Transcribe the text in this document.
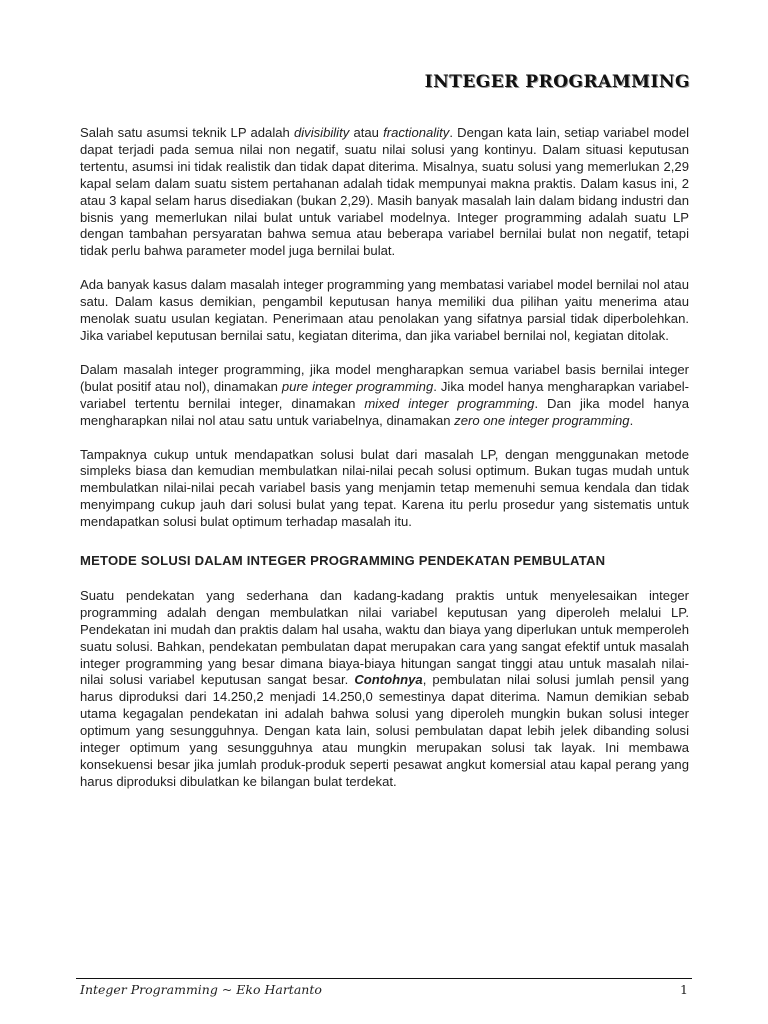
INTEGER PROGRAMMING

Salah satu asumsi teknik LP adalah divisibility atau fractionality. Dengan kata lain, setiap variabel model dapat terjadi pada semua nilai non negatif, suatu nilai solusi yang kontinyu. Dalam situasi keputusan tertentu, asumsi ini tidak realistik dan tidak dapat diterima. Misalnya, suatu solusi yang memerlukan 2,29 kapal selam dalam suatu sistem pertahanan adalah tidak mempunyai makna praktis. Dalam kasus ini, 2 atau 3 kapal selam harus disediakan (bukan 2,29). Masih banyak masalah lain dalam bidang industri dan bisnis yang memerlukan nilai bulat untuk variabel modelnya. Integer programming adalah suatu LP dengan tambahan persyaratan bahwa semua atau beberapa variabel bernilai bulat non negatif, tetapi tidak perlu bahwa parameter model juga bernilai bulat.

Ada banyak kasus dalam masalah integer programming yang membatasi variabel model bernilai nol atau satu. Dalam kasus demikian, pengambil keputusan hanya memiliki dua pilihan yaitu menerima atau menolak suatu usulan kegiatan. Penerimaan atau penolakan yang sifatnya parsial tidak diperbolehkan. Jika variabel keputusan bernilai satu, kegiatan diterima, dan jika variabel bernilai nol, kegiatan ditolak.

Dalam masalah integer programming, jika model mengharapkan semua variabel basis bernilai integer (bulat positif atau nol), dinamakan pure integer programming. Jika model hanya mengharapkan variabel-variabel tertentu bernilai integer, dinamakan mixed integer programming. Dan jika model hanya mengharapkan nilai nol atau satu untuk variabelnya, dinamakan zero one integer programming.

Tampaknya cukup untuk mendapatkan solusi bulat dari masalah LP, dengan menggunakan metode simpleks biasa dan kemudian membulatkan nilai-nilai pecah solusi optimum. Bukan tugas mudah untuk membulatkan nilai-nilai pecah variabel basis yang menjamin tetap memenuhi semua kendala dan tidak menyimpang cukup jauh dari solusi bulat yang tepat. Karena itu perlu prosedur yang sistematis untuk mendapatkan solusi bulat optimum terhadap masalah itu.

METODE SOLUSI DALAM INTEGER PROGRAMMING PENDEKATAN PEMBULATAN

Suatu pendekatan yang sederhana dan kadang-kadang praktis untuk menyelesaikan integer programming adalah dengan membulatkan nilai variabel keputusan yang diperoleh melalui LP. Pendekatan ini mudah dan praktis dalam hal usaha, waktu dan biaya yang diperlukan untuk memperoleh suatu solusi. Bahkan, pendekatan pembulatan dapat merupakan cara yang sangat efektif untuk masalah integer programming yang besar dimana biaya-biaya hitungan sangat tinggi atau untuk masalah nilai-nilai solusi variabel keputusan sangat besar. Contohnya, pembulatan nilai solusi jumlah pensil yang harus diproduksi dari 14.250,2 menjadi 14.250,0 semestinya dapat diterima. Namun demikian sebab utama kegagalan pendekatan ini adalah bahwa solusi yang diperoleh mungkin bukan solusi integer optimum yang sesungguhnya. Dengan kata lain, solusi pembulatan dapat lebih jelek dibanding solusi integer optimum yang sesungguhnya atau mungkin merupakan solusi tak layak. Ini membawa konsekuensi besar jika jumlah produk-produk seperti pesawat angkut komersial atau kapal perang yang harus diproduksi dibulatkan ke bilangan bulat terdekat.

Integer Programming ~ Eko Hartanto	1
